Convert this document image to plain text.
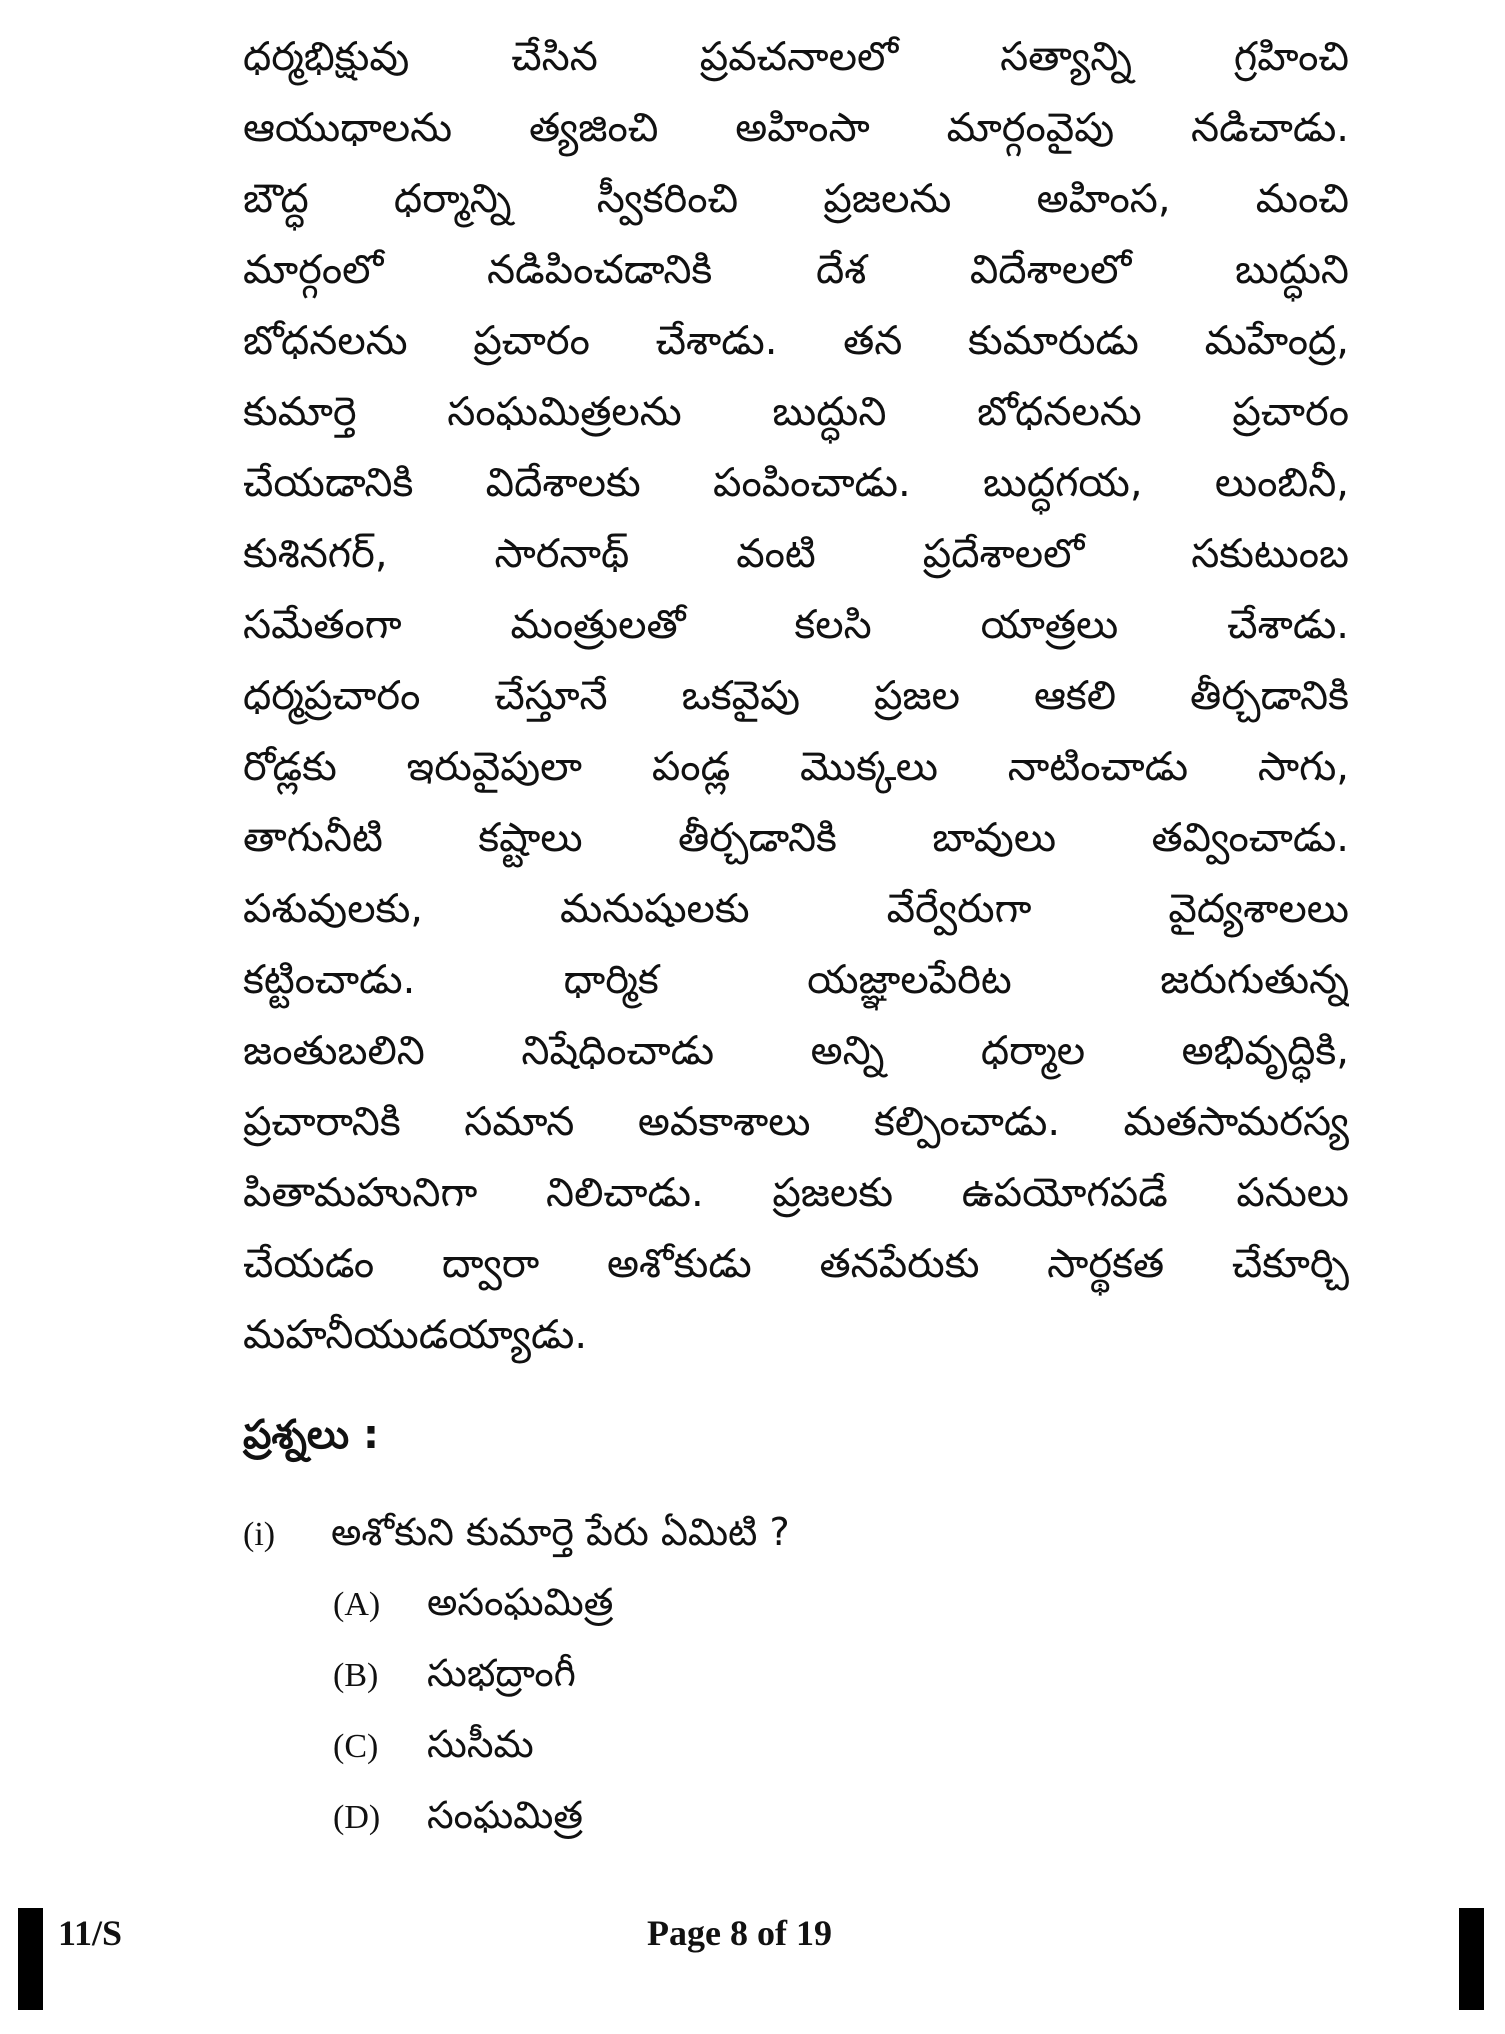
ధర్మభిక్షువు చేసిన ప్రవచనాలలో సత్యాన్ని గ్రహించి
ఆయుధాలను త్యజించి అహింసా మార్గంవైపు నడిచాడు.
బౌద్ధ ధర్మాన్ని స్వీకరించి ప్రజలను అహింస, మంచి
మార్గంలో నడిపించడానికి దేశ విదేశాలలో బుద్ధుని
బోధనలను ప్రచారం చేశాడు. తన కుమారుడు మహేంద్ర,
కుమార్తె సంఘమిత్రలను బుద్ధుని బోధనలను ప్రచారం
చేయడానికి విదేశాలకు పంపించాడు. బుద్ధగయ, లుంబినీ,
కుశినగర్, సారనాథ్ వంటి ప్రదేశాలలో సకుటుంబ
సమేతంగా మంత్రులతో కలసి యాత్రలు చేశాడు.
ధర్మప్రచారం చేస్తూనే ఒకవైపు ప్రజల ఆకలి తీర్చడానికి
రోడ్లకు ఇరువైపులా పండ్ల మొక్కలు నాటించాడు సాగు,
తాగునీటి కష్టాలు తీర్చడానికి బావులు తవ్వించాడు.
పశువులకు, మనుషులకు వేర్వేరుగా వైద్యశాలలు
కట్టించాడు. ధార్మిక యజ్ఞాలపేరిట జరుగుతున్న
జంతుబలిని నిషేధించాడు అన్ని ధర్మాల అభివృద్ధికి,
ప్రచారానికి సమాన అవకాశాలు కల్పించాడు. మతసామరస్య
పితామహునిగా నిలిచాడు. ప్రజలకు ఉపయోగపడే పనులు
చేయడం ద్వారా అశోకుడు తనపేరుకు సార్థకత చేకూర్చి
మహనీయుడయ్యాడు.
ప్రశ్నలు :
(i)	అశోకుని కుమార్తె పేరు ఏమిటి ?
(A)	అసంఘమిత్ర
(B)	సుభద్రాంగీ
(C)	సుసీమ
(D)	సంఘమిత్ర
11/S	Page 8 of 19
